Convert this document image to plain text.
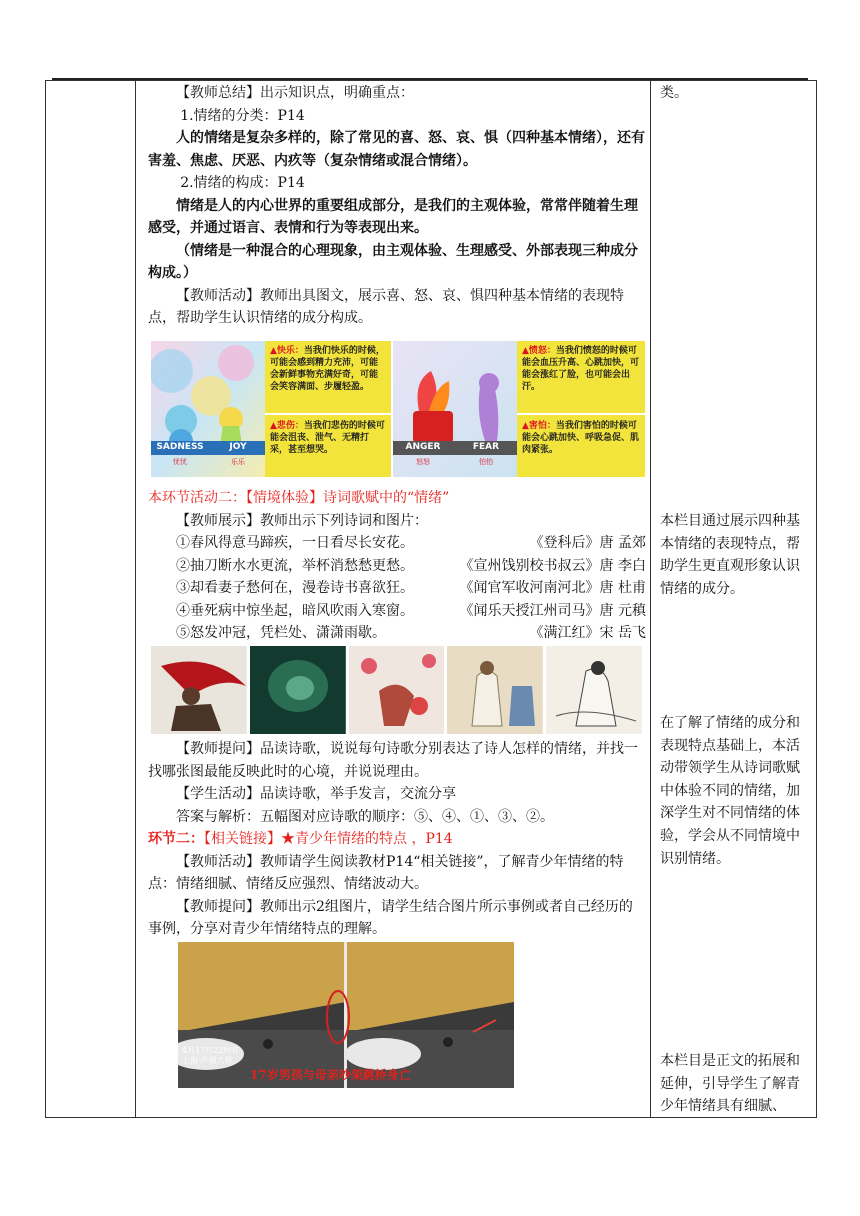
【教师总结】出示知识点，明确重点：

1.情绪的分类：P14

人的情绪是复杂多样的，除了常见的喜、怒、哀、惧（四种基本情绪），还有害羞、焦虑、厌恶、内疚等（复杂情绪或混合情绪）。

2.情绪的构成：P14

情绪是人的内心世界的重要组成部分，是我们的主观体验，常常伴随着生理感受，并通过语言、表情和行为等表现出来。

（情绪是一种混合的心理现象，由主观体验、生理感受、外部表现三种成分构成。）

【教师活动】教师出具图文，展示喜、怒、哀、惧四种基本情绪的表现特点，帮助学生认识情绪的成分构成。

▲快乐：当我们快乐的时候，可能会感到精力充沛，可能会新鲜事物充满好奇，可能会笑容满面、步履轻盈。
▲悲伤：当我们悲伤的时候可能会沮丧、泄气、无精打采，甚至想哭。
▲愤怒：当我们愤怒的时候可能会血压升高、心跳加快，可能会涨红了脸，也可能会出汗。
▲害怕：当我们害怕的时候可能会心跳加快、呼吸急促、肌肉紧张。
SADNESS	JOY
忧忧	乐乐
ANGER	FEAR
怒怒	怕怕

本环节活动二：【情境体验】诗词歌赋中的“情绪”

【教师展示】教师出示下列诗词和图片：

①春风得意马蹄疾，一日看尽长安花。	《登科后》唐 孟郊
②抽刀断水水更流，举杯消愁愁更愁。	《宣州饯别校书叔云》唐 李白
③却看妻子愁何在，漫卷诗书喜欲狂。	《闻官军收河南河北》唐 杜甫
④垂死病中惊坐起，暗风吹雨入寒窗。	《闻乐天授江州司马》唐 元稹
⑤怒发冲冠，凭栏处、潇潇雨歇。	《满江红》宋 岳飞

【教师提问】品读诗歌，说说每句诗歌分别表达了诗人怎样的情绪，并找一找哪张图最能反映此时的心境，并说说理由。

【学生活动】品读诗歌，举手发言，交流分享

答案与解析：五幅图对应诗歌的顺序：⑤、④、①、③、②。

环节二：【相关链接】★青少年情绪的特点 ，P14

【教师活动】教师请学生阅读教材P14“相关链接”，了解青少年情绪的特点：情绪细腻、情绪反应强烈、情绪波动大。

【教师提问】教师出示2组图片，请学生结合图片所示事例或者自己经历的事例，分享对青少年情绪特点的理解。

4月17日22时许 上海·卢浦大桥
17岁男孩与母亲吵架跳桥身亡
类。
本栏目通过展示四种基本情绪的表现特点，帮助学生更直观形象认识情绪的成分。
在了解了情绪的成分和表现特点基础上，本活动带领学生从诗词歌赋中体验不同的情绪，加深学生对不同情绪的体验，学会从不同情境中识别情绪。
本栏目是正文的拓展和延伸，引导学生了解青少年情绪具有细腻、
